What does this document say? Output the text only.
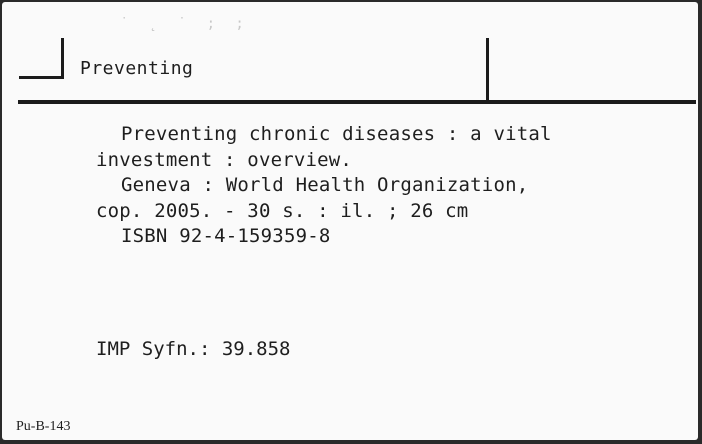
˙ ˛ ˙ ; ;
Preventing
Preventing chronic diseases : a vital
investment : overview.
Geneva : World Health Organization,
cop. 2005. - 30 s. : il. ; 26 cm
ISBN 92-4-159359-8
IMP Syfn.: 39.858
Pu-B-143
